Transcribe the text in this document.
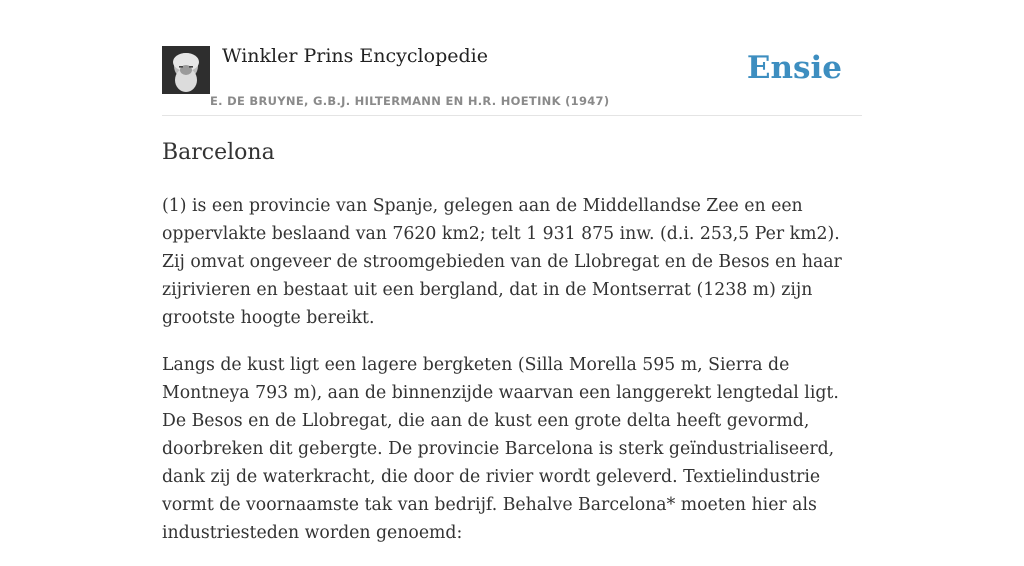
Winkler Prins Encyclopedie
E. DE BRUYNE, G.B.J. HILTERMANN EN H.R. HOETINK (1947)
Ensie
Barcelona

(1) is een provincie van Spanje, gelegen aan de Middellandse Zee en een oppervlakte beslaand van 7620 km2; telt 1 931 875 inw. (d.i. 253,5 Per km2). Zij omvat ongeveer de stroomgebieden van de Llobregat en de Besos en haar zijrivieren en bestaat uit een bergland, dat in de Montserrat (1238 m) zijn grootste hoogte bereikt.

Langs de kust ligt een lagere bergketen (Silla Morella 595 m, Sierra de Montneya 793 m), aan de binnenzijde waarvan een langgerekt lengtedal ligt. De Besos en de Llobregat, die aan de kust een grote delta heeft gevormd, doorbreken dit gebergte. De provincie Barcelona is sterk geïndustrialiseerd, dank zij de waterkracht, die door de rivier wordt geleverd. Textielindustrie vormt de voornaamste tak van bedrijf. Behalve Barcelona* moeten hier als industriesteden worden genoemd:
